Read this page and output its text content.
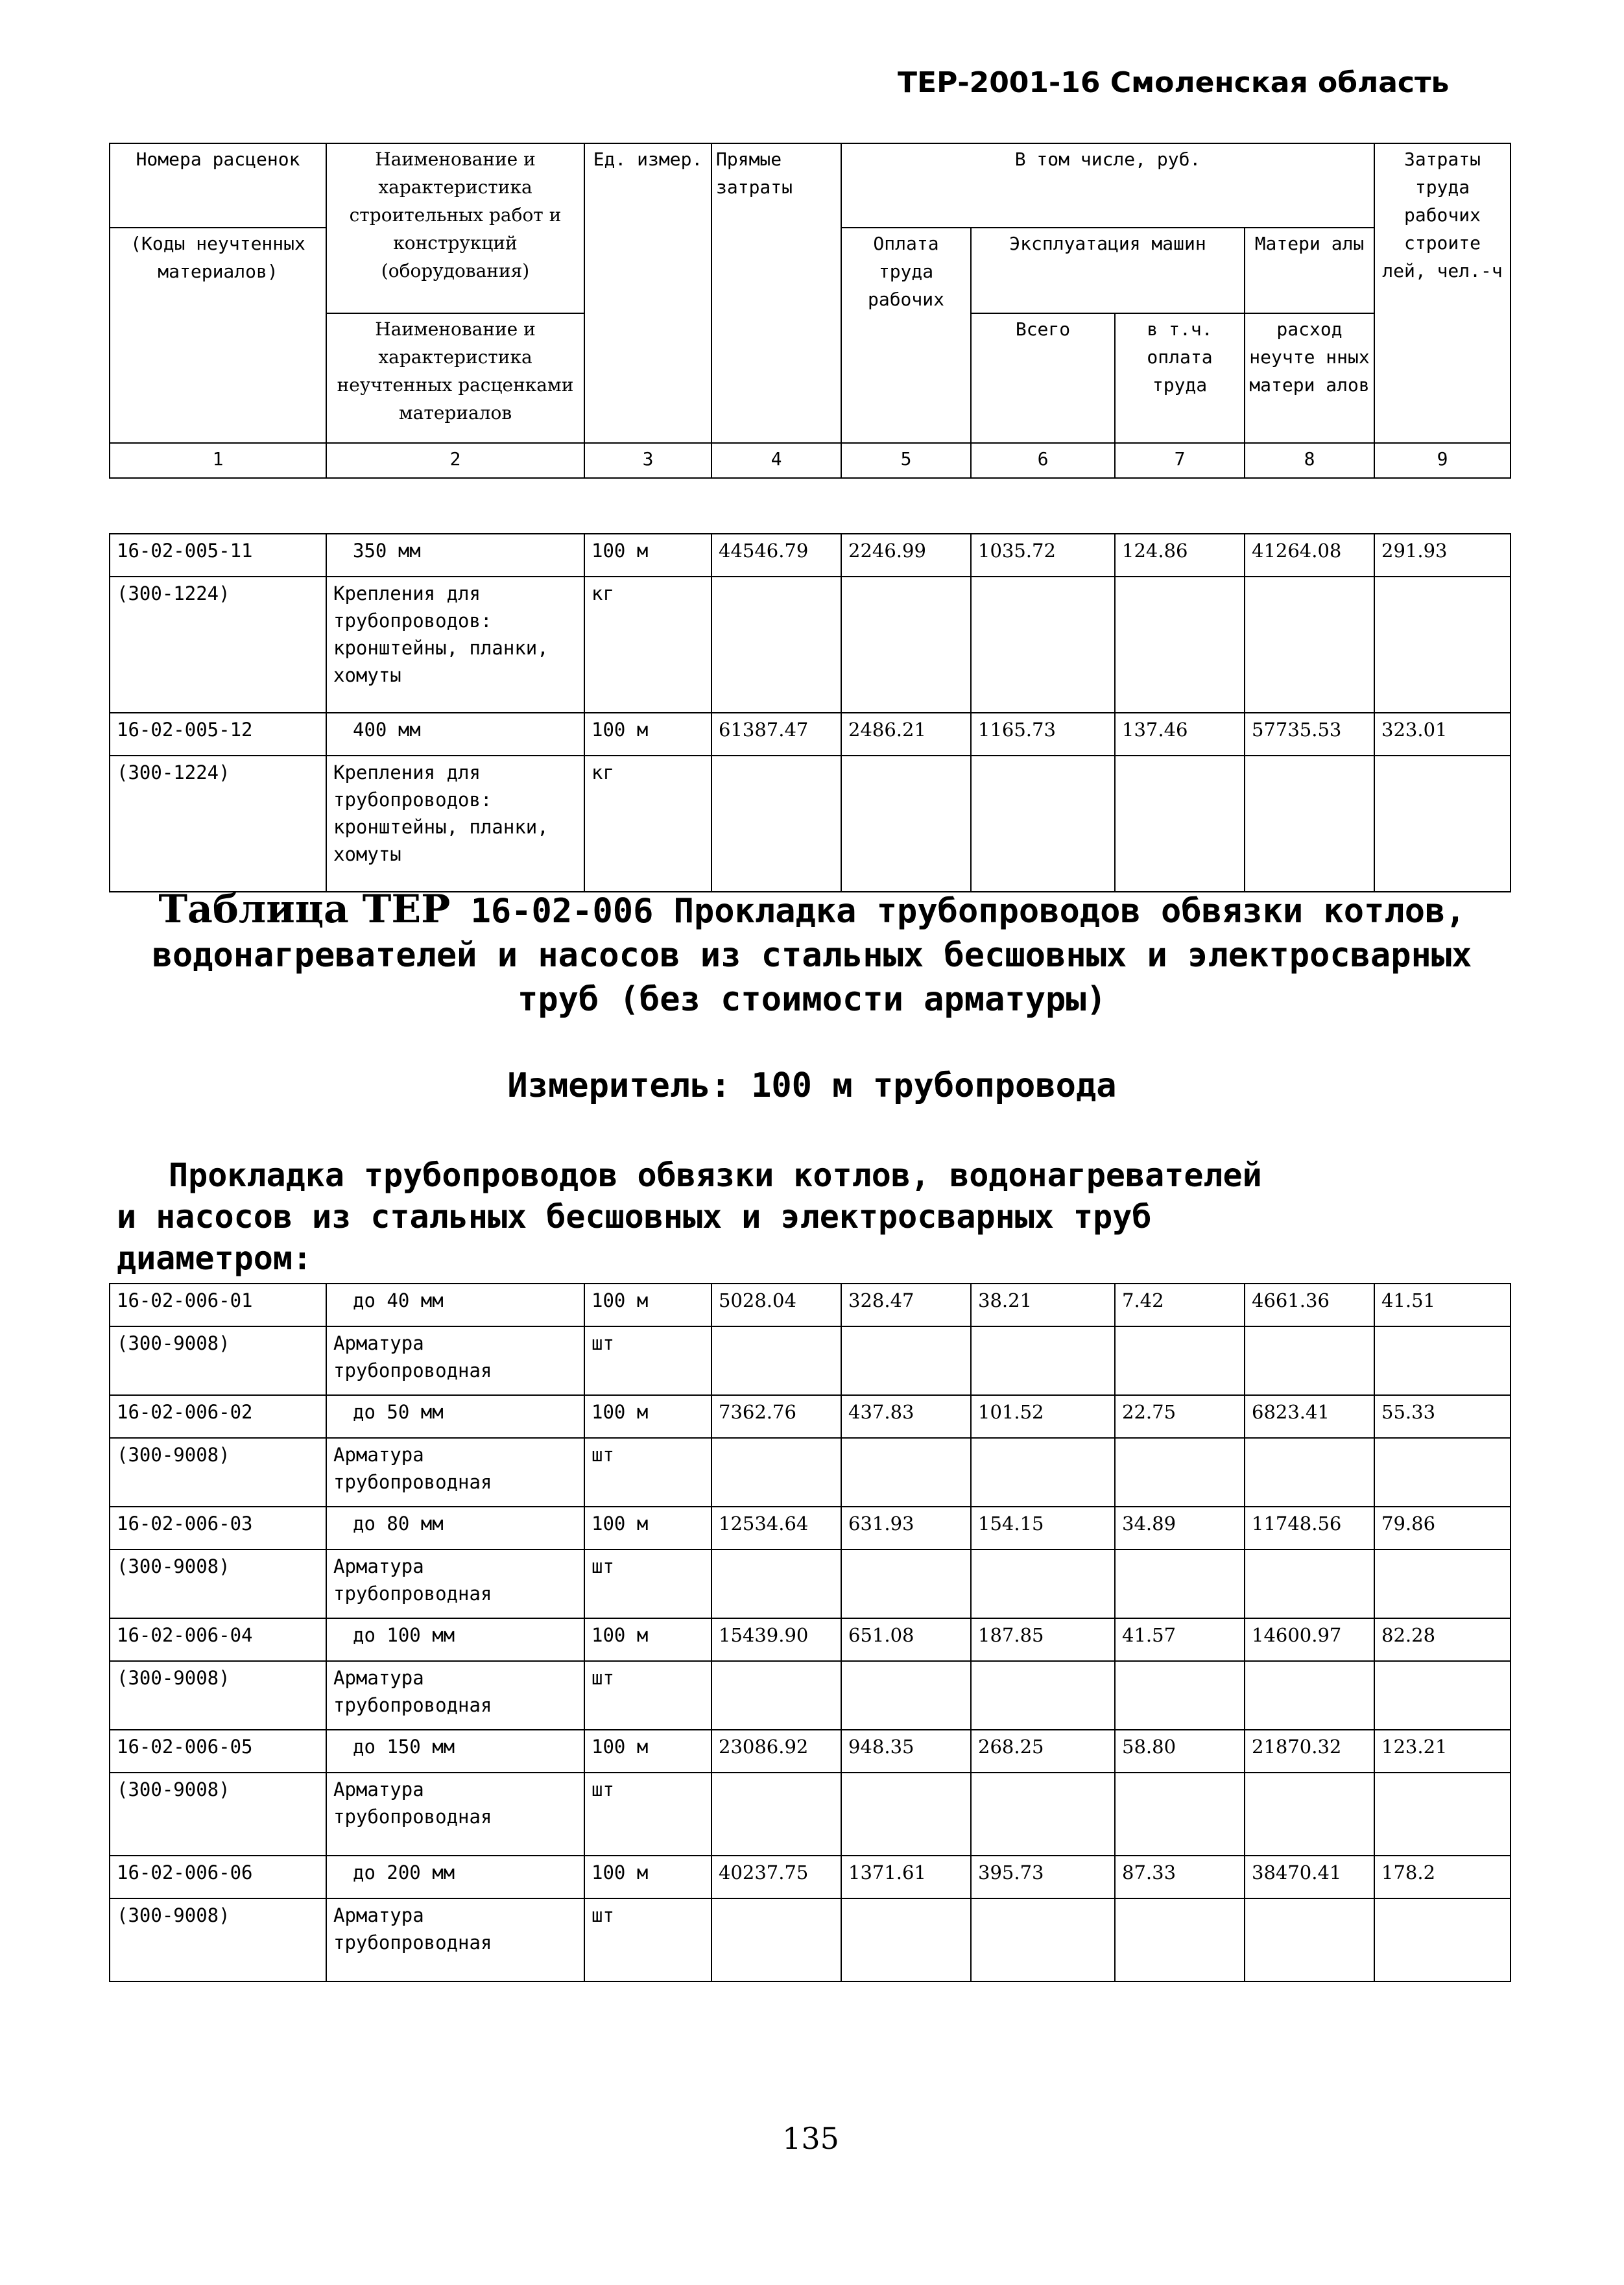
ТЕР-2001-16 Смоленская область
Номера расценок	Наименование и характеристика строительных работ и конструкций (оборудования)	Ед. измер.	Прямые затраты	В том числе, руб.				Затраты труда рабочих строите лей, чел.-ч
(Коды неучтенных материалов)				Оплата труда рабочих	Эксплуатация машин		Матери алы	
	Наименование и характеристика неучтенных расценками материалов				Всего	в т.ч. оплата труда	расход неучте нных матери алов	
1	2	3	4	5	6	7	8	9
16-02-005-11	350 мм	100 м	44546.79	2246.99	1035.72	124.86	41264.08	291.93
(300-1224)	Крепления для трубопроводов: кронштейны, планки, хомуты	кг						
16-02-005-12	400 мм	100 м	61387.47	2486.21	1165.73	137.46	57735.53	323.01
(300-1224)	Крепления для трубопроводов: кронштейны, планки, хомуты	кг						
Таблица ТЕР 16-02-006 Прокладка трубопроводов обвязки котлов, водонагревателей и насосов из стальных бесшовных и электросварных труб (без стоимости арматуры)
Измеритель: 100 м трубопровода
Прокладка трубопроводов обвязки котлов, водонагревателей
и насосов из стальных бесшовных и электросварных труб
диаметром:
16-02-006-01	до 40 мм	100 м	5028.04	328.47	38.21	7.42	4661.36	41.51
(300-9008)	Арматура трубопроводная	шт						
16-02-006-02	до 50 мм	100 м	7362.76	437.83	101.52	22.75	6823.41	55.33
(300-9008)	Арматура трубопроводная	шт						
16-02-006-03	до 80 мм	100 м	12534.64	631.93	154.15	34.89	11748.56	79.86
(300-9008)	Арматура трубопроводная	шт						
16-02-006-04	до 100 мм	100 м	15439.90	651.08	187.85	41.57	14600.97	82.28
(300-9008)	Арматура трубопроводная	шт						
16-02-006-05	до 150 мм	100 м	23086.92	948.35	268.25	58.80	21870.32	123.21
(300-9008)	Арматура трубопроводная	шт						
16-02-006-06	до 200 мм	100 м	40237.75	1371.61	395.73	87.33	38470.41	178.2
(300-9008)	Арматура трубопроводная	шт						
135
